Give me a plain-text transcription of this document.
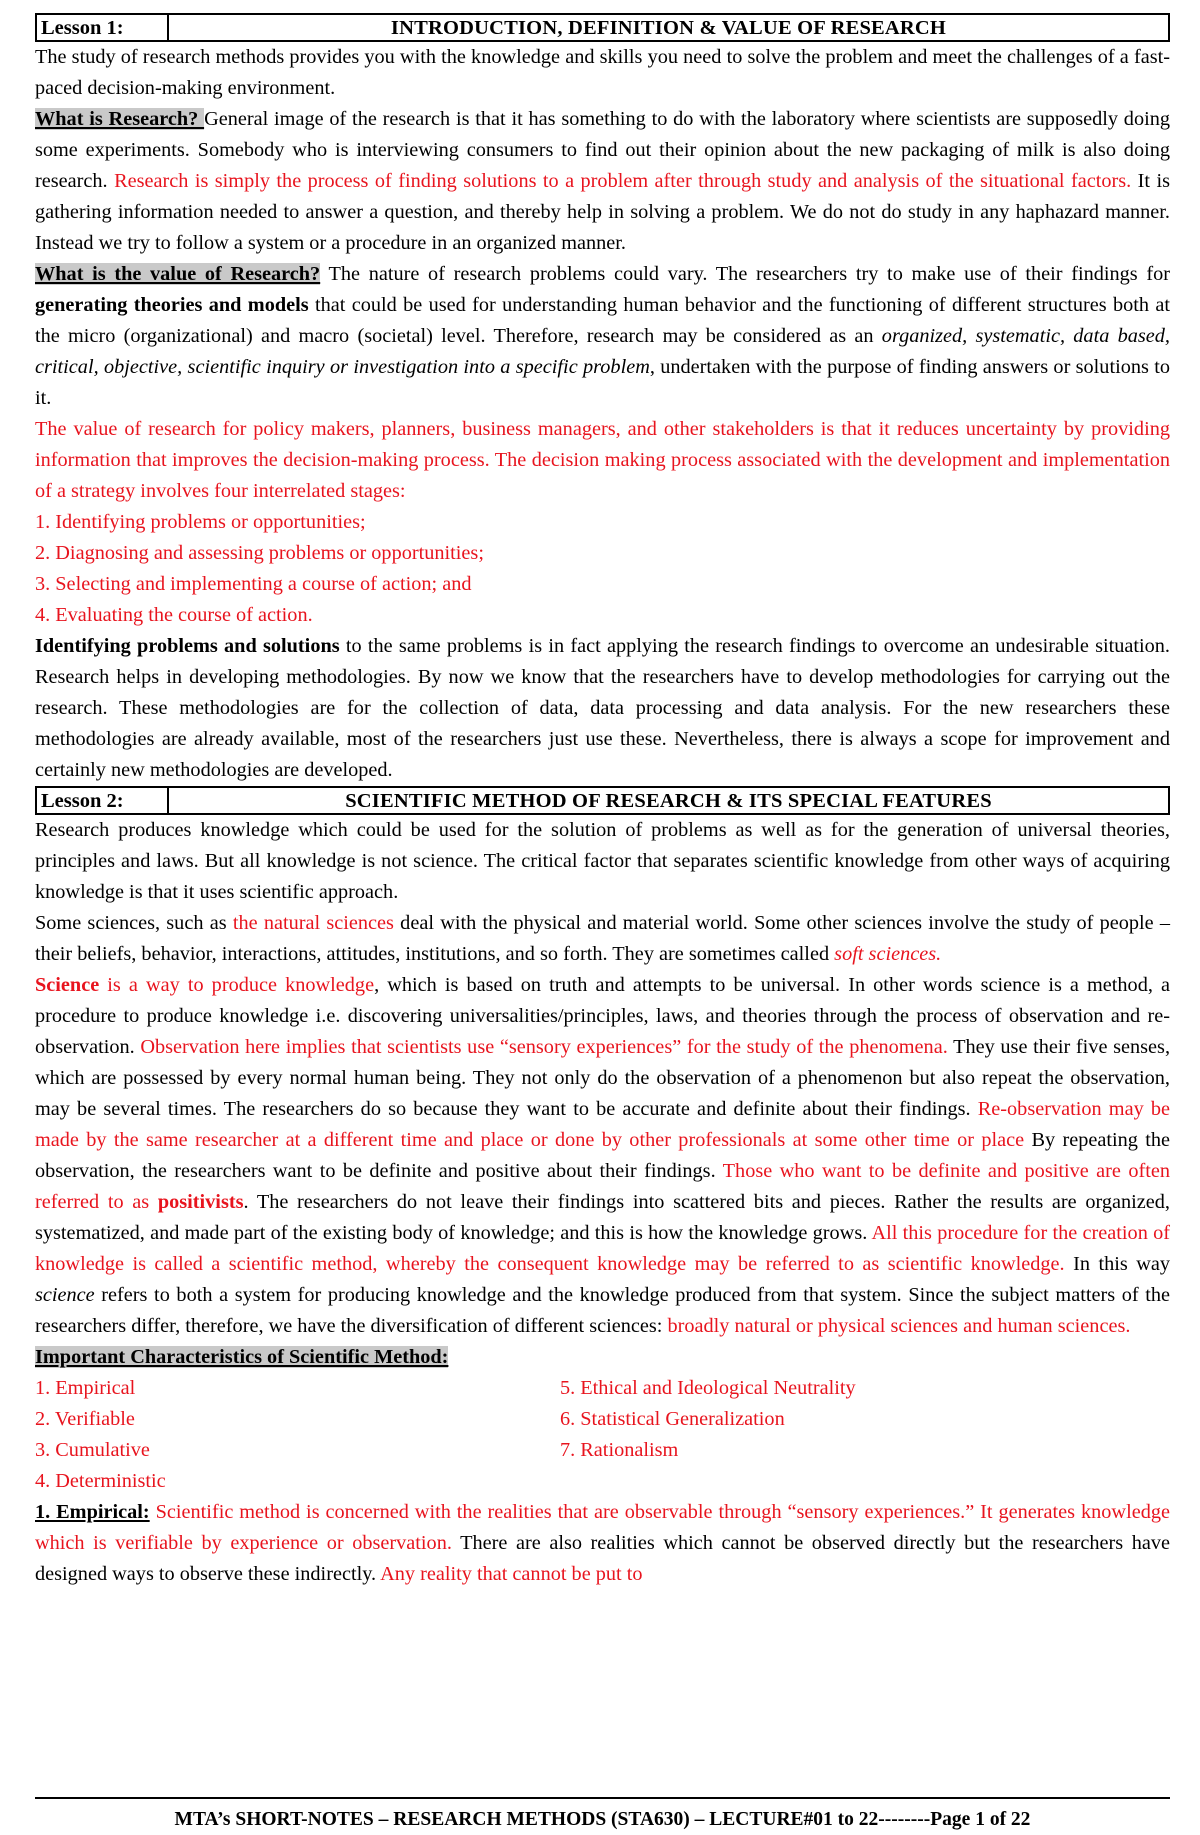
Lesson 1:	INTRODUCTION, DEFINITION & VALUE OF RESEARCH

The study of research methods provides you with the knowledge and skills you need to solve the problem and meet the challenges of a fast-paced decision-making environment.

What is Research? General image of the research is that it has something to do with the laboratory where scientists are supposedly doing some experiments. Somebody who is interviewing consumers to find out their opinion about the new packaging of milk is also doing research. Research is simply the process of finding solutions to a problem after through study and analysis of the situational factors. It is gathering information needed to answer a question, and thereby help in solving a problem. We do not do study in any haphazard manner. Instead we try to follow a system or a procedure in an organized manner.

What is the value of Research? The nature of research problems could vary. The researchers try to make use of their findings for generating theories and models that could be used for understanding human behavior and the functioning of different structures both at the micro (organizational) and macro (societal) level. Therefore, research may be considered as an organized, systematic, data based, critical, objective, scientific inquiry or investigation into a specific problem, undertaken with the purpose of finding answers or solutions to it.

The value of research for policy makers, planners, business managers, and other stakeholders is that it reduces uncertainty by providing information that improves the decision-making process. The decision making process associated with the development and implementation of a strategy involves four interrelated stages:

1. Identifying problems or opportunities;

2. Diagnosing and assessing problems or opportunities;

3. Selecting and implementing a course of action; and

4. Evaluating the course of action.

Identifying problems and solutions to the same problems is in fact applying the research findings to overcome an undesirable situation. Research helps in developing methodologies. By now we know that the researchers have to develop methodologies for carrying out the research. These methodologies are for the collection of data, data processing and data analysis. For the new researchers these methodologies are already available, most of the researchers just use these. Nevertheless, there is always a scope for improvement and certainly new methodologies are developed.

Lesson 2:	SCIENTIFIC METHOD OF RESEARCH & ITS SPECIAL FEATURES

Research produces knowledge which could be used for the solution of problems as well as for the generation of universal theories, principles and laws. But all knowledge is not science. The critical factor that separates scientific knowledge from other ways of acquiring knowledge is that it uses scientific approach.

Some sciences, such as the natural sciences deal with the physical and material world. Some other sciences involve the study of people – their beliefs, behavior, interactions, attitudes, institutions, and so forth. They are sometimes called soft sciences.

Science is a way to produce knowledge, which is based on truth and attempts to be universal. In other words science is a method, a procedure to produce knowledge i.e. discovering universalities/principles, laws, and theories through the process of observation and re-observation. Observation here implies that scientists use “sensory experiences” for the study of the phenomena. They use their five senses, which are possessed by every normal human being. They not only do the observation of a phenomenon but also repeat the observation, may be several times. The researchers do so because they want to be accurate and definite about their findings. Re-observation may be made by the same researcher at a different time and place or done by other professionals at some other time or place By repeating the observation, the researchers want to be definite and positive about their findings. Those who want to be definite and positive are often referred to as positivists. The researchers do not leave their findings into scattered bits and pieces. Rather the results are organized, systematized, and made part of the existing body of knowledge; and this is how the knowledge grows. All this procedure for the creation of knowledge is called a scientific method, whereby the consequent knowledge may be referred to as scientific knowledge. In this way science refers to both a system for producing knowledge and the knowledge produced from that system. Since the subject matters of the researchers differ, therefore, we have the diversification of different sciences: broadly natural or physical sciences and human sciences.

Important Characteristics of Scientific Method:

1. Empirical

2. Verifiable

3. Cumulative

4. Deterministic

5. Ethical and Ideological Neutrality

6. Statistical Generalization

7. Rationalism

1. Empirical: Scientific method is concerned with the realities that are observable through “sensory experiences.” It generates knowledge which is verifiable by experience or observation. There are also realities which cannot be observed directly but the researchers have designed ways to observe these indirectly. Any reality that cannot be put to

MTA’s SHORT-NOTES – RESEARCH METHODS (STA630) – LECTURE#01 to 22--------Page 1 of 22
